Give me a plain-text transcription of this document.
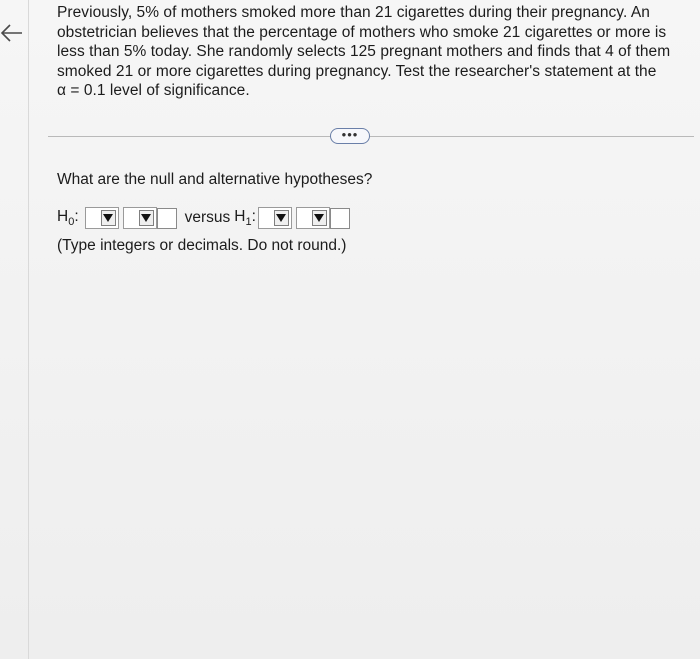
Previously, 5% of mothers smoked more than 21 cigarettes during their pregnancy. An obstetrician believes that the percentage of mothers who smoke 21 cigarettes or more is less than 5% today. She randomly selects 125 pregnant mothers and finds that 4 of them smoked 21 or more cigarettes during pregnancy. Test the researcher's statement at the
α = 0.1 level of significance.

•••
What are the null and alternative hypotheses?
$H_0$:	versus $H_1$:
(Type integers or decimals. Do not round.)
